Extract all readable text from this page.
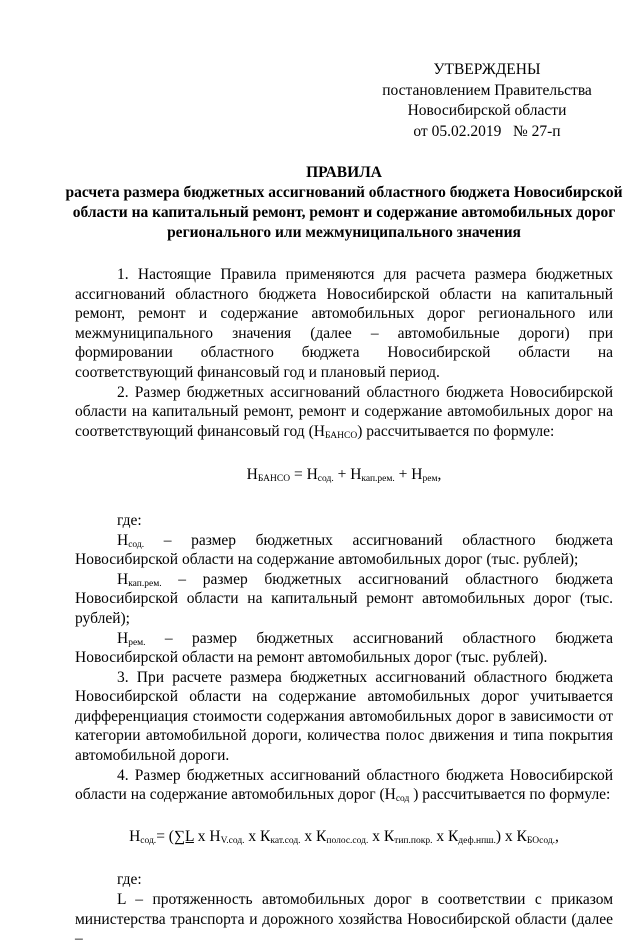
УТВЕРЖДЕНЫ
постановлением Правительства
Новосибирской области
от 05.02.2019   № 27-п
ПРАВИЛА
расчета размера бюджетных ассигнований областного бюджета Новосибирской области на капитальный ремонт, ремонт и содержание автомобильных дорог регионального или межмуниципального значения

1. Настоящие Правила применяются для расчета размера бюджетных ассигнований областного бюджета Новосибирской области на капитальный ремонт, ремонт и содержание автомобильных дорог регионального или межмуниципального значения (далее – автомобильные дороги) при формировании областного бюджета Новосибирской области на соответствующий финансовый год и плановый период.

2. Размер бюджетных ассигнований областного бюджета Новосибирской области на капитальный ремонт, ремонт и содержание автомобильных дорог на соответствующий финансовый год $(Н_{БАНСО})$ рассчитывается по формуле:

$Н_{БАНСО} = Н_{сод.} + Н_{кап.рем.} + Н_{рем}$,

где:

$Н_{сод.}$ – размер бюджетных ассигнований областного бюджета Новосибирской области на содержание автомобильных дорог (тыс. рублей);

$Н_{кап.рем.}$ – размер бюджетных ассигнований областного бюджета Новосибирской области на капитальный ремонт автомобильных дорог (тыс. рублей);

$Н_{рем.}$ – размер бюджетных ассигнований областного бюджета Новосибирской области на ремонт автомобильных дорог (тыс. рублей).

3. При расчете размера бюджетных ассигнований областного бюджета Новосибирской области на содержание автомобильных дорог учитывается дифференциация стоимости содержания автомобильных дорог в зависимости от категории автомобильной дороги, количества полос движения и типа покрытия автомобильной дороги.

4. Размер бюджетных ассигнований областного бюджета Новосибирской области на содержание автомобильных дорог ($Н_{сод}$ ) рассчитывается по формуле:

$Н_{сод.}= (\sum L$ х $Н_{V.сод.}$ х $К_{кат.сод.}$ х $К_{полос.сод.}$ х $К_{тип.покр.}$ х $К_{деф.нпш.}$) х $К_{БОсод.}$,

где:

L – протяженность автомобильных дорог в соответствии с приказом министерства транспорта и дорожного хозяйства Новосибирской области (далее –
